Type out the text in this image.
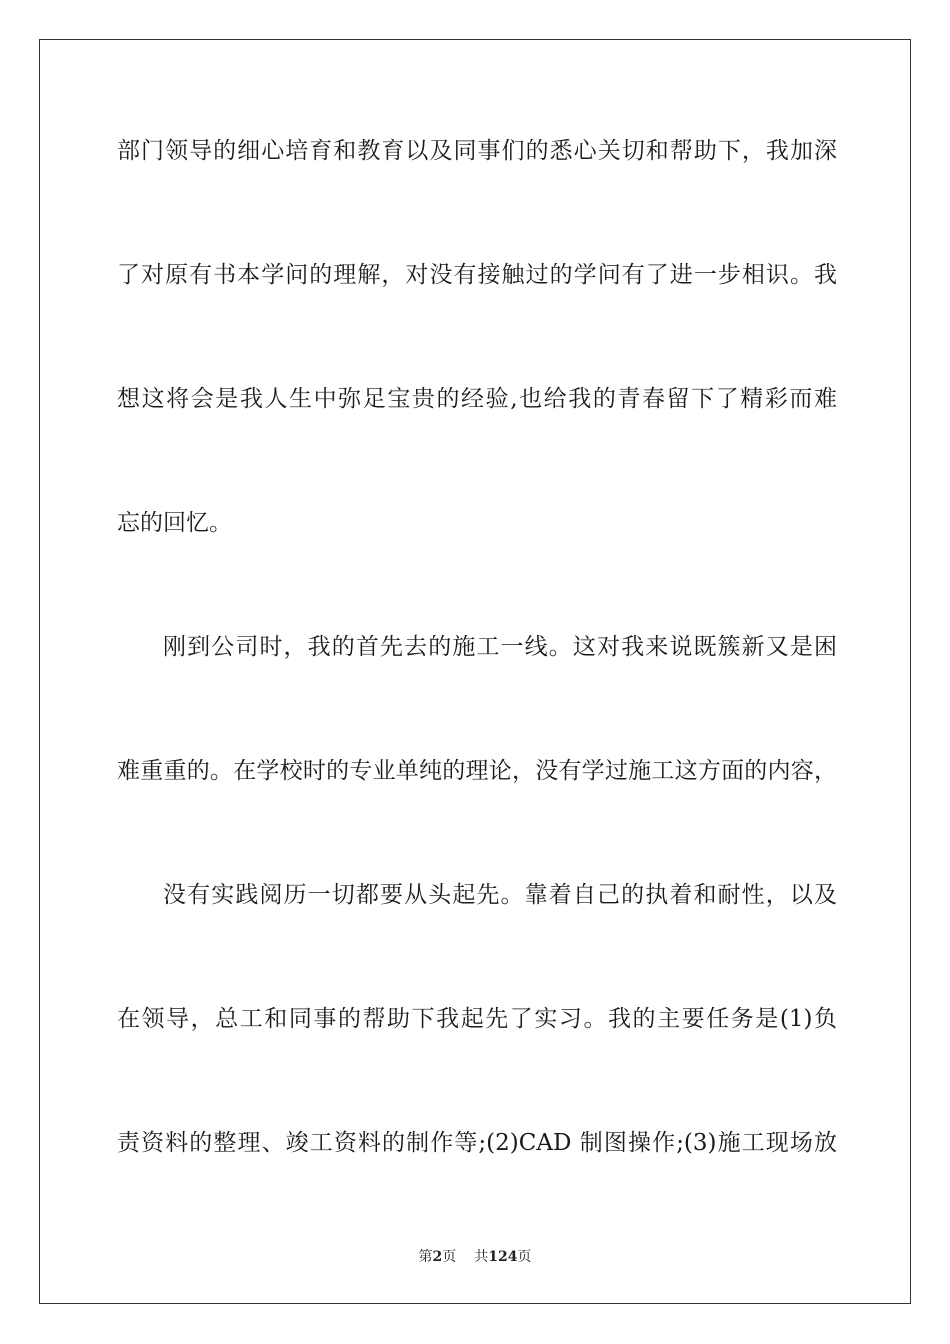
部门领导的细心培育和教育以及同事们的悉心关切和帮助下，我加深
了对原有书本学问的理解，对没有接触过的学问有了进一步相识。我
想这将会是我人生中弥足宝贵的经验,也给我的青春留下了精彩而难
忘的回忆。
刚到公司时，我的首先去的施工一线。这对我来说既簇新又是困
难重重的。在学校时的专业单纯的理论，没有学过施工这方面的内容，
没有实践阅历一切都要从头起先。靠着自己的执着和耐性，以及
在领导，总工和同事的帮助下我起先了实习。我的主要任务是(1)负
责资料的整理、竣工资料的制作等;(2)CAD 制图操作;(3)施工现场放
第2页 共124页
